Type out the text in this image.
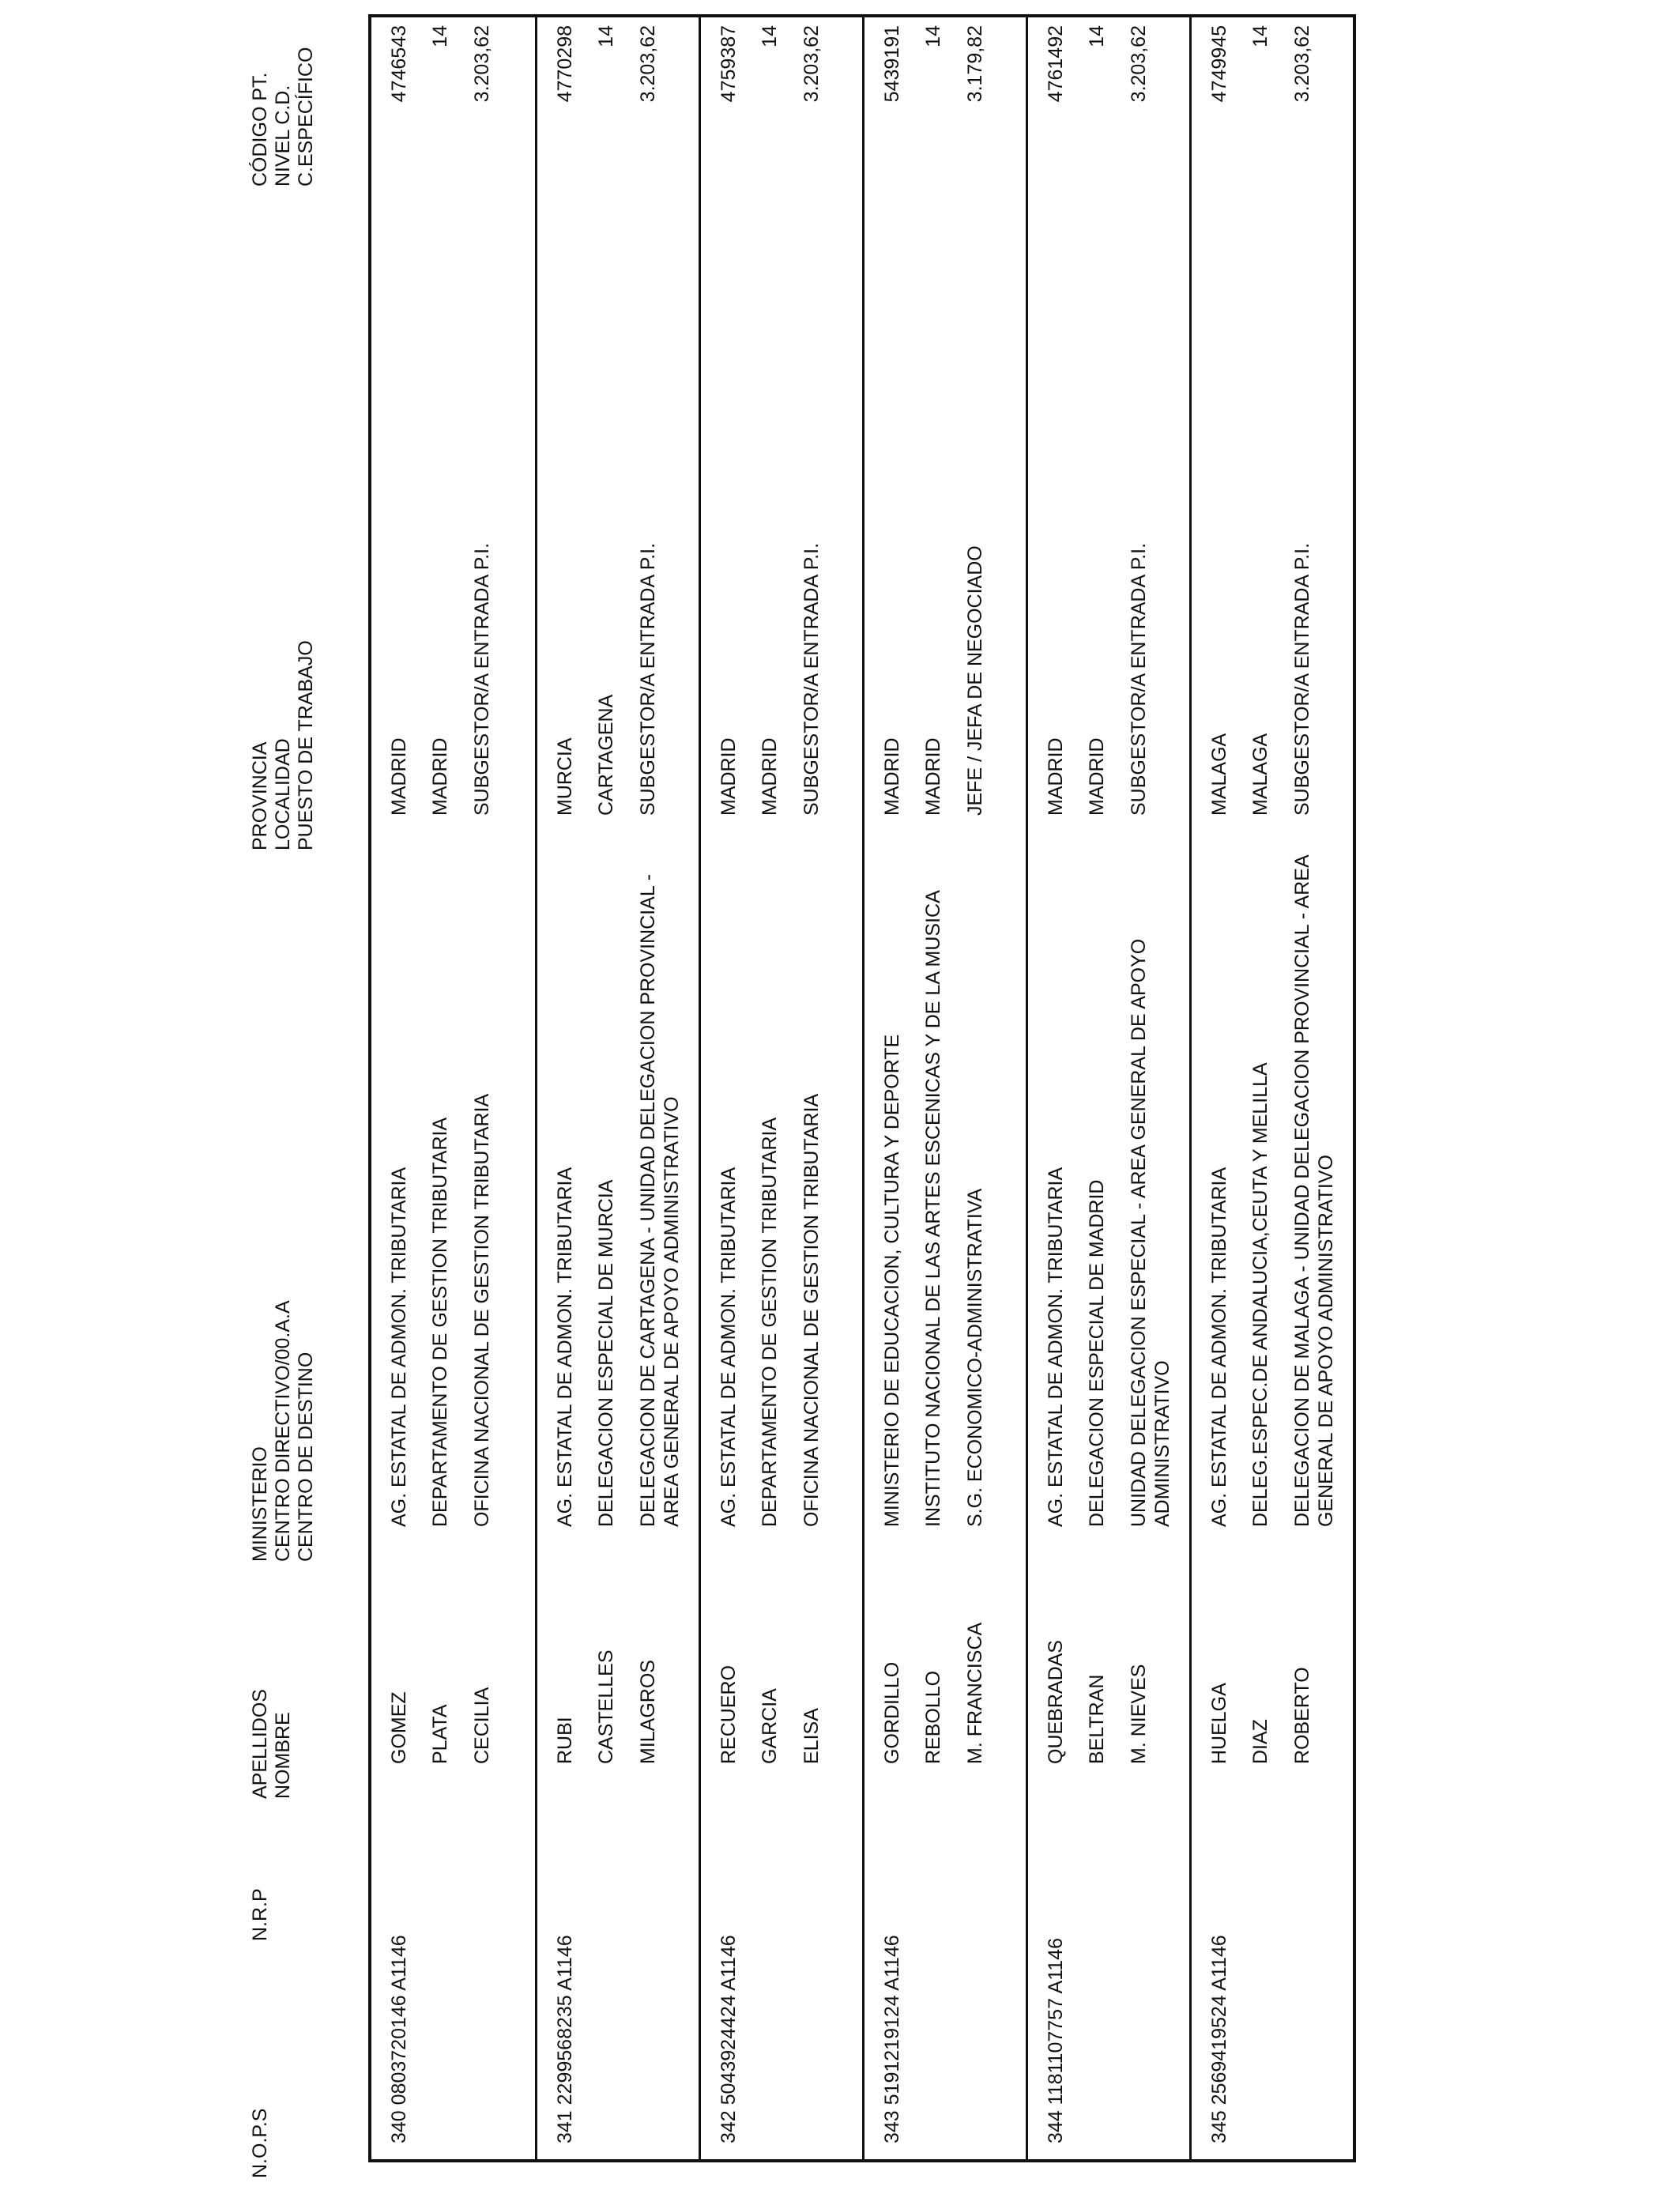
N.O.P.S
N.R.P
APELLIDOS NOMBRE
MINISTERIO CENTRO DIRECTIVO/00.A.A CENTRO DE DESTINO
PROVINCIA LOCALIDAD PUESTO DE TRABAJO
CÓDIGO PT. NIVEL C.D. C.ESPECÍFICO
340 0803720146 A1146
GOMEZ PLATA CECILIA
AG. ESTATAL DE ADMON. TRIBUTARIA DEPARTAMENTO DE GESTION TRIBUTARIA OFICINA NACIONAL DE GESTION TRIBUTARIA
MADRID MADRID SUBGESTOR/A ENTRADA P.I.
4746543 14 3.203,62
341 2299568235 A1146
RUBI CASTELLES MILAGROS
AG. ESTATAL DE ADMON. TRIBUTARIA DELEGACION ESPECIAL DE MURCIA DELEGACION DE CARTAGENA - UNIDAD DELEGACION PROVINCIAL - AREA GENERAL DE APOYO ADMINISTRATIVO
MURCIA CARTAGENA SUBGESTOR/A ENTRADA P.I.
4770298 14 3.203,62
342 5043924424 A1146
RECUERO GARCIA ELISA
AG. ESTATAL DE ADMON. TRIBUTARIA DEPARTAMENTO DE GESTION TRIBUTARIA OFICINA NACIONAL DE GESTION TRIBUTARIA
MADRID MADRID SUBGESTOR/A ENTRADA P.I.
4759387 14 3.203,62
343 5191219124 A1146
GORDILLO REBOLLO M. FRANCISCA
MINISTERIO DE EDUCACION, CULTURA Y DEPORTE INSTITUTO NACIONAL DE LAS ARTES ESCENICAS Y DE LA MUSICA S.G. ECONOMICO-ADMINISTRATIVA
MADRID MADRID JEFE / JEFA DE NEGOCIADO
5439191 14 3.179,82
344 1181107757 A1146
QUEBRADAS BELTRAN M. NIEVES
AG. ESTATAL DE ADMON. TRIBUTARIA DELEGACION ESPECIAL DE MADRID UNIDAD DELEGACION ESPECIAL - AREA GENERAL DE APOYO ADMINISTRATIVO
MADRID MADRID SUBGESTOR/A ENTRADA P.I.
4761492 14 3.203,62
345 2569419524 A1146
HUELGA DIAZ ROBERTO
AG. ESTATAL DE ADMON. TRIBUTARIA DELEG.ESPEC.DE ANDALUCIA,CEUTA Y MELILLA DELEGACION DE MALAGA - UNIDAD DELEGACION PROVINCIAL - AREA GENERAL DE APOYO ADMINISTRATIVO
MALAGA MALAGA SUBGESTOR/A ENTRADA P.I.
4749945 14 3.203,62
